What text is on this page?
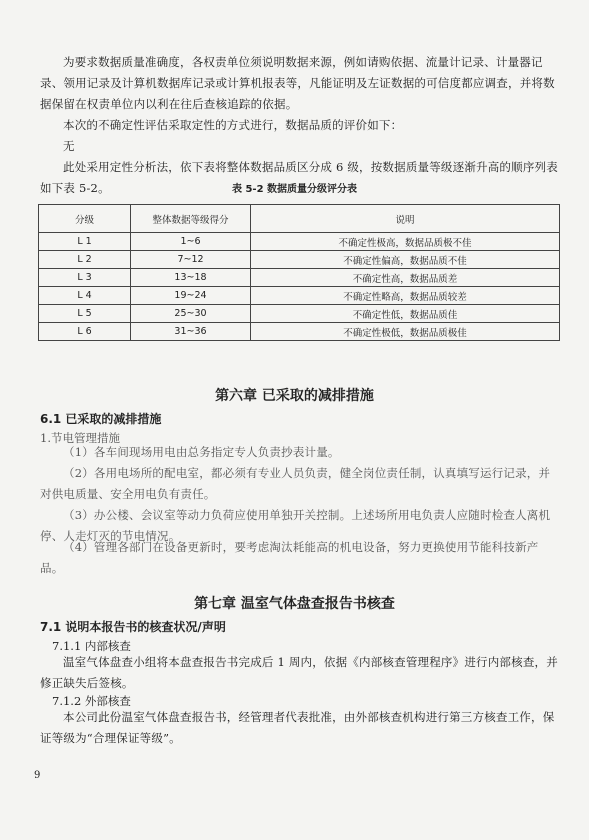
为要求数据质量准确度，各权责单位须说明数据来源，例如请购依据、流量计记录、计量器记录、领用记录及计算机数据库记录或计算机报表等，凡能证明及左证数据的可信度都应调查，并将数据保留在权责单位内以利在往后查核追踪的依据。

本次的不确定性评估采取定性的方式进行，数据品质的评价如下：

无

此处采用定性分析法，依下表将整体数据品质区分成 6 级，按数据质量等级逐渐升高的顺序列表如下表 5-2。	表 5-2 数据质量分级评分表
分级	整体数据等级得分	说明
L 1	1~6	不确定性极高，数据品质极不佳
L 2	7~12	不确定性偏高，数据品质不佳
L 3	13~18	不确定性高，数据品质差
L 4	19~24	不确定性略高，数据品质较差
L 5	25~30	不确定性低，数据品质佳
L 6	31~36	不确定性极低，数据品质极佳
第六章 已采取的减排措施
6.1 已采取的减排措施
1.节电管理措施

（1）各车间现场用电由总务指定专人负责抄表计量。

（2）各用电场所的配电室，都必须有专业人员负责，健全岗位责任制，认真填写运行记录，并对供电质量、安全用电负有责任。

（3）办公楼、会议室等动力负荷应使用单独开关控制。上述场所用电负责人应随时检查人离机停、人走灯灭的节电情况。

（4）管理各部门在设备更新时，要考虑淘汰耗能高的机电设备，努力更换使用节能科技新产品。

第七章 温室气体盘查报告书核查
7.1 说明本报告书的核查状况/声明
7.1.1 内部核查

温室气体盘查小组将本盘查报告书完成后 1 周内，依据《内部核查管理程序》进行内部核查，并修正缺失后签核。

7.1.2 外部核查

本公司此份温室气体盘查报告书，经管理者代表批准，由外部核查机构进行第三方核查工作，保证等级为“合理保证等级”。

9
